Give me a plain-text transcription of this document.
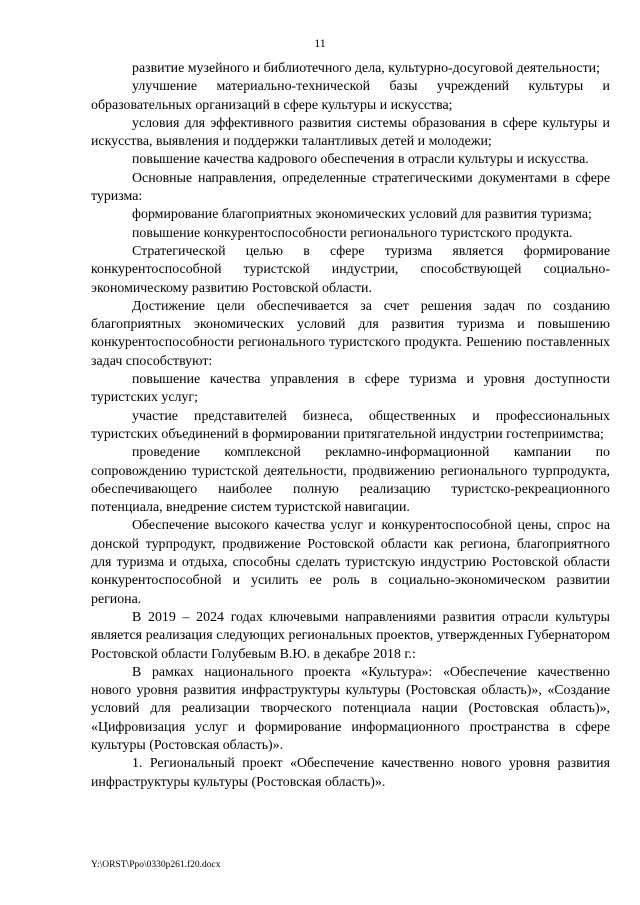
11

развитие музейного и библиотечного дела, культурно-досуговой деятельности;

улучшение материально-технической базы учреждений культуры и образовательных организаций в сфере культуры и искусства;

условия для эффективного развития системы образования в сфере культуры и искусства, выявления и поддержки талантливых детей и молодежи;

повышение качества кадрового обеспечения в отрасли культуры и искусства.

Основные направления, определенные стратегическими документами в сфере туризма:

формирование благоприятных экономических условий для развития туризма;

повышение конкурентоспособности регионального туристского продукта.

Стратегической целью в сфере туризма является формирование конкурентоспособной туристской индустрии, способствующей социально-экономическому развитию Ростовской области.

Достижение цели обеспечивается за счет решения задач по созданию благоприятных экономических условий для развития туризма и повышению конкурентоспособности регионального туристского продукта. Решению поставленных задач способствуют:

повышение качества управления в сфере туризма и уровня доступности туристских услуг;

участие представителей бизнеса, общественных и профессиональных туристских объединений в формировании притягательной индустрии гостеприимства;

проведение комплексной рекламно-информационной кампании по сопровождению туристской деятельности, продвижению регионального турпродукта, обеспечивающего наиболее полную реализацию туристско-рекреационного потенциала, внедрение систем туристской навигации.

Обеспечение высокого качества услуг и конкурентоспособной цены, спрос на донской турпродукт, продвижение Ростовской области как региона, благоприятного для туризма и отдыха, способны сделать туристскую индустрию Ростовской области конкурентоспособной и усилить ее роль в социально-экономическом развитии региона.

В 2019 – 2024 годах ключевыми направлениями развития отрасли культуры является реализация следующих региональных проектов, утвержденных Губернатором Ростовской области Голубевым В.Ю. в декабре 2018 г.:

В рамках национального проекта «Культура»: «Обеспечение качественно нового уровня развития инфраструктуры культуры (Ростовская область)», «Создание условий для реализации творческого потенциала нации (Ростовская область)», «Цифровизация услуг и формирование информационного пространства в сфере культуры (Ростовская область)».

1. Региональный проект «Обеспечение качественно нового уровня развития инфраструктуры культуры (Ростовская область)».

Y:\ORST\Ppo\0330p261.f20.docx
